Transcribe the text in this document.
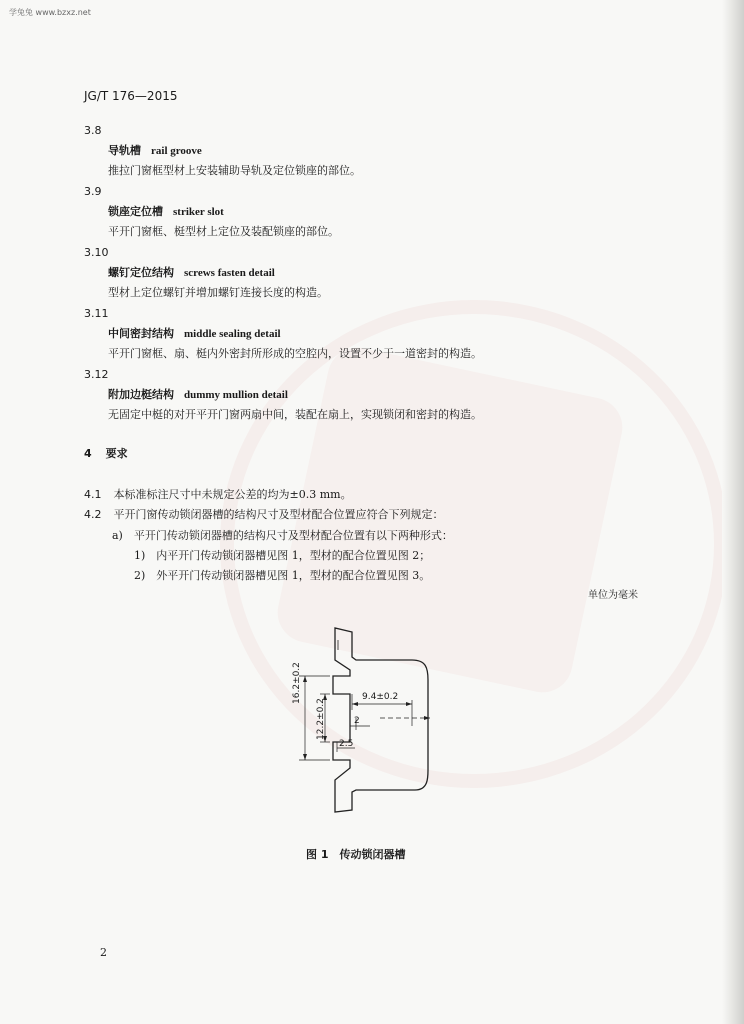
学兔兔 www.bzxz.net
JG/T 176—2015
3.8
导轨槽 rail groove
推拉门窗框型材上安装辅助导轨及定位锁座的部位。
3.9
锁座定位槽 striker slot
平开门窗框、梃型材上定位及装配锁座的部位。
3.10
螺钉定位结构 screws fasten detail
型材上定位螺钉并增加螺钉连接长度的构造。
3.11
中间密封结构 middle sealing detail
平开门窗框、扇、梃内外密封所形成的空腔内，设置不少于一道密封的构造。
3.12
附加边梃结构 dummy mullion detail
无固定中梃的对开平开门窗两扇中间，装配在扇上，实现锁闭和密封的构造。
4 要求
4.1 本标准标注尺寸中未规定公差的均为±0.3 mm。
4.2 平开门窗传动锁闭器槽的结构尺寸及型材配合位置应符合下列规定：
a)　平开门传动锁闭器槽的结构尺寸及型材配合位置有以下两种形式：
1)　内平开门传动锁闭器槽见图 1，型材的配合位置见图 2；
2)　外平开门传动锁闭器槽见图 1，型材的配合位置见图 3。
单位为毫米
16.2±0.2
12.2±0.2
9.4±0.2
2
2.5
图 1　传动锁闭器槽
2
